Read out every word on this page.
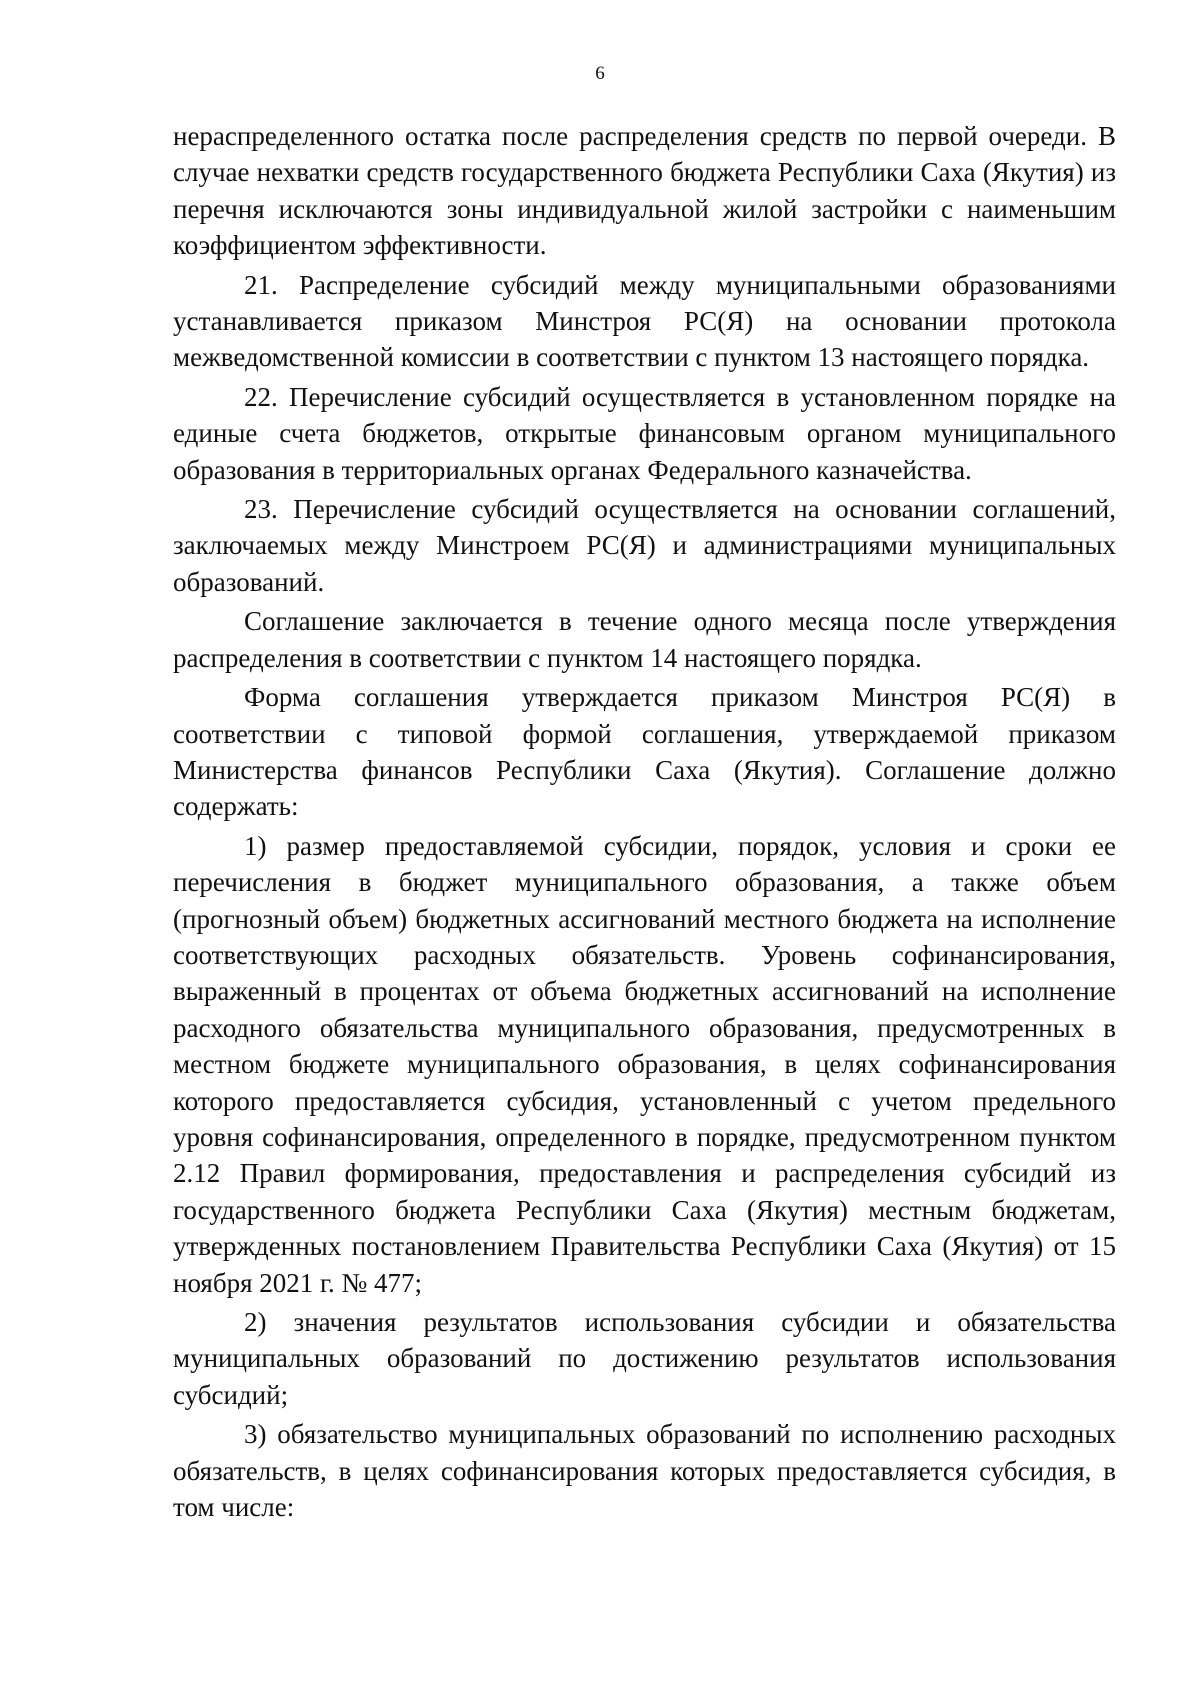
6

нераспределенного остатка после распределения средств по первой очереди. В случае нехватки средств государственного бюджета Республики Саха (Якутия) из перечня исключаются зоны индивидуальной жилой застройки с наименьшим коэффициентом эффективности.

21. Распределение субсидий между муниципальными образованиями устанавливается приказом Минстроя РС(Я) на основании протокола межведомственной комиссии в соответствии с пунктом 13 настоящего порядка.

22. Перечисление субсидий осуществляется в установленном порядке на единые счета бюджетов, открытые финансовым органом муниципального образования в территориальных органах Федерального казначейства.

23. Перечисление субсидий осуществляется на основании соглашений, заключаемых между Минстроем РС(Я) и администрациями муниципальных образований.

Соглашение заключается в течение одного месяца после утверждения распределения в соответствии с пунктом 14 настоящего порядка.

Форма соглашения утверждается приказом Минстроя РС(Я) в соответствии с типовой формой соглашения, утверждаемой приказом Министерства финансов Республики Саха (Якутия). Соглашение должно содержать:

1) размер предоставляемой субсидии, порядок, условия и сроки ее перечисления в бюджет муниципального образования, а также объем (прогнозный объем) бюджетных ассигнований местного бюджета на исполнение соответствующих расходных обязательств. Уровень софинансирования, выраженный в процентах от объема бюджетных ассигнований на исполнение расходного обязательства муниципального образования, предусмотренных в местном бюджете муниципального образования, в целях софинансирования которого предоставляется субсидия, установленный с учетом предельного уровня софинансирования, определенного в порядке, предусмотренном пунктом 2.12 Правил формирования, предоставления и распределения субсидий из государственного бюджета Республики Саха (Якутия) местным бюджетам, утвержденных постановлением Правительства Республики Саха (Якутия) от 15 ноября 2021 г. № 477;

2) значения результатов использования субсидии и обязательства муниципальных образований по достижению результатов использования субсидий;

3) обязательство муниципальных образований по исполнению расходных обязательств, в целях софинансирования которых предоставляется субсидия, в том числе:
